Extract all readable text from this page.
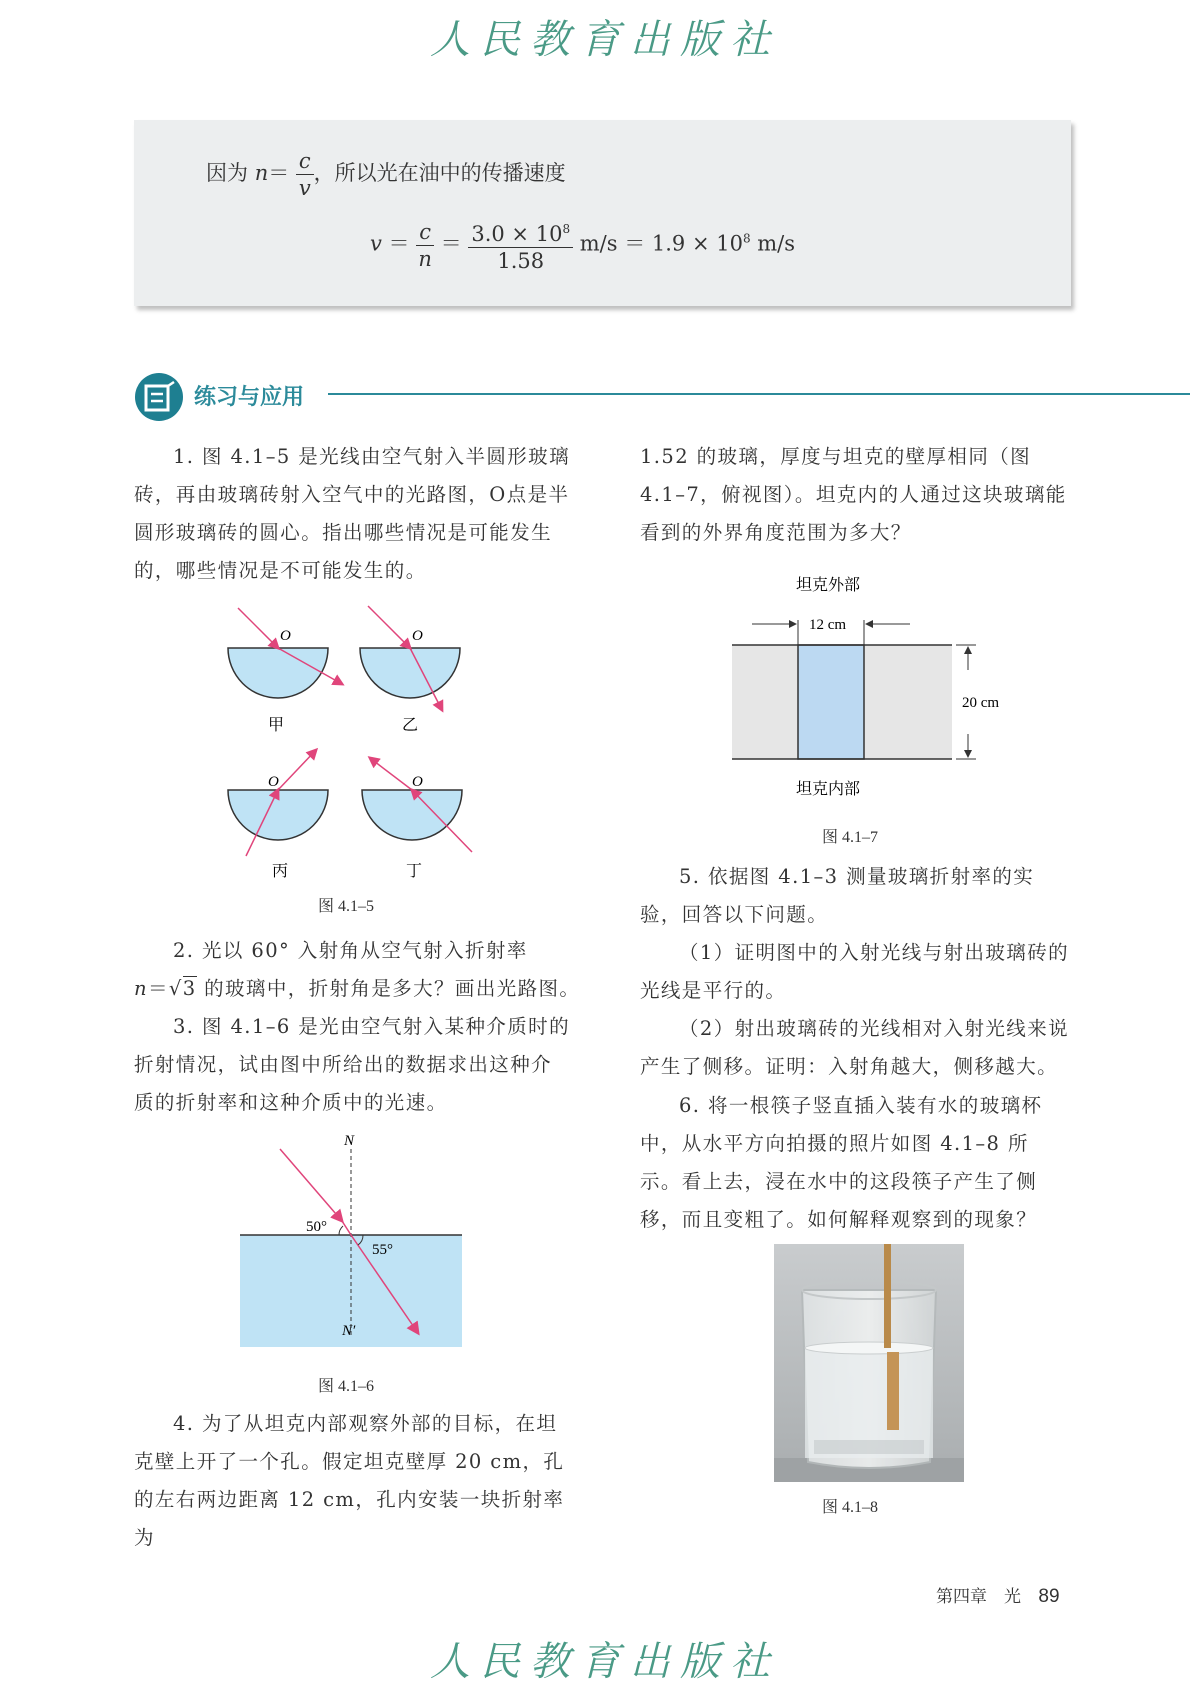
人民教育出版社
因为 $n= \frac{c}{v}$ ，所以光在油中的传播速度
$v = \frac{c}{n} = \frac{3.0 \times 10^8}{1.58} m/s = 1.9 \times 10^8$ m/s
练习与应用

1. 图 4.1–5 是光线由空气射入半圆形玻璃砖，再由玻璃砖射入空气中的光路图，O点是半圆形玻璃砖的圆心。指出哪些情况是可能发生的，哪些情况是不可能发生的。

O	O
O	O
甲	乙
丙	丁
图 4.1–5

2. 光以 60° 入射角从空气射入折射率

n＝√3 的玻璃中，折射角是多大？画出光路图。

3. 图 4.1–6 是光由空气射入某种介质时的折射情况，试由图中所给出的数据求出这种介质的折射率和这种介质中的光速。

N
N′
50°
55°
图 4.1–6

4. 为了从坦克内部观察外部的目标，在坦克壁上开了一个孔。假定坦克壁厚 20 cm，孔的左右两边距离 12 cm，孔内安装一块折射率为

1.52 的玻璃，厚度与坦克的壁厚相同（图 4.1–7，俯视图）。坦克内的人通过这块玻璃能看到的外界角度范围为多大？
坦克外部
12 cm
20 cm
坦克内部
图 4.1–7

5. 依据图 4.1–3 测量玻璃折射率的实验，回答以下问题。

（1）证明图中的入射光线与射出玻璃砖的光线是平行的。

（2）射出玻璃砖的光线相对入射光线来说产生了侧移。证明：入射角越大，侧移越大。

6. 将一根筷子竖直插入装有水的玻璃杯中，从水平方向拍摄的照片如图 4.1–8 所示。看上去，浸在水中的这段筷子产生了侧移，而且变粗了。如何解释观察到的现象？

图 4.1–8
第四章　光 89
人民教育出版社
